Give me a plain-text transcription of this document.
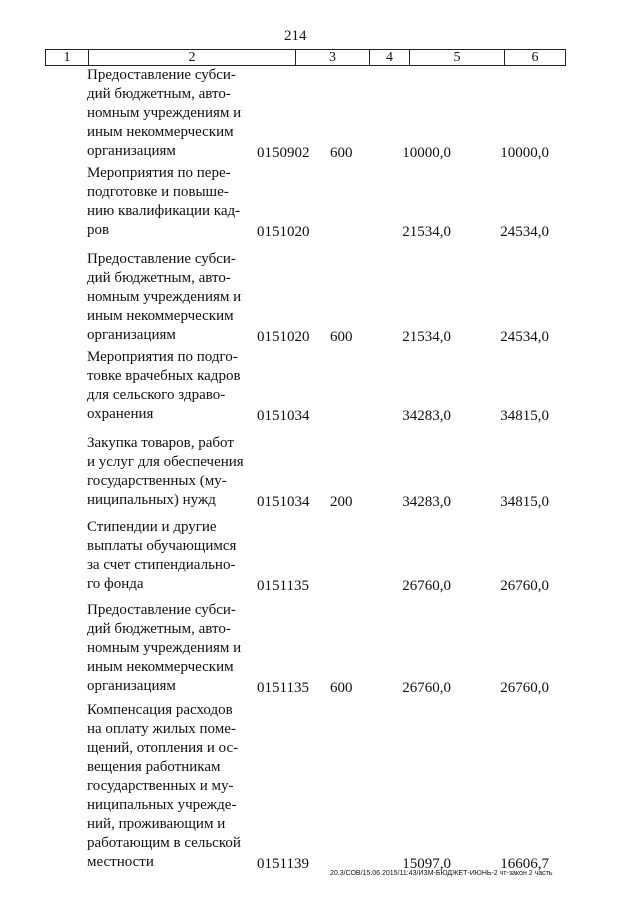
214
1	2	3	4	5	6
Предоставление субси-
дий бюджетным, авто-
номным учреждениям и
иным некоммерческим
организациям	0150902 600	10000,0	10000,0
Мероприятия по пере-
подготовке и повыше-
нию квалификации кад-
ров	0151020	21534,0	24534,0
Предоставление субси-
дий бюджетным, авто-
номным учреждениям и
иным некоммерческим
организациям	0151020 600	21534,0	24534,0
Мероприятия по подго-
товке врачебных кадров
для сельского здраво-
охранения	0151034	34283,0	34815,0
Закупка товаров, работ
и услуг для обеспечения
государственных (му-
ниципальных) нужд	0151034 200	34283,0	34815,0
Стипендии и другие
выплаты обучающимся
за счет стипендиально-
го фонда	0151135	26760,0	26760,0
Предоставление субси-
дий бюджетным, авто-
номным учреждениям и
иным некоммерческим
организациям	0151135 600	26760,0	26760,0
Компенсация расходов
на оплату жилых поме-
щений, отопления и ос-
вещения работникам
государственных и му-
ниципальных учрежде-
ний, проживающим и
работающим в сельской
местности	0151139	15097,0	16606,7
20.3/СОВ/15.06.2015/11:43/ИЗМ-БЮДЖЕТ-ИЮНЬ-2 чт-закон 2 часть
